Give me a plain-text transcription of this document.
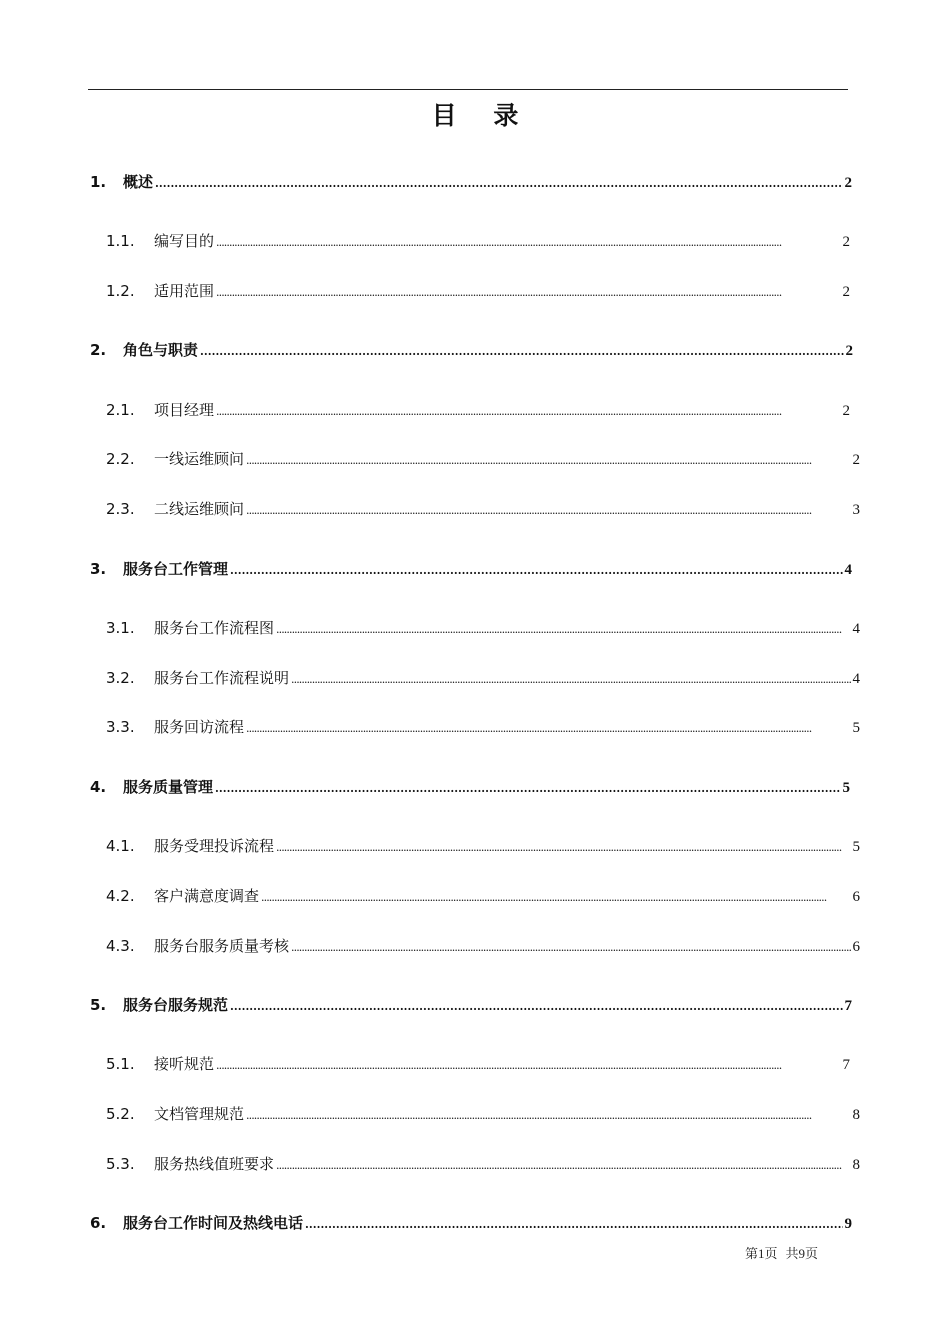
目 录
1.	概述 . . .	2
1.1.	编写目的 . . .	2
1.2.	适用范围 . . .	2
2.	角色与职责 . . .	2
2.1.	项目经理 . . .	2
2.2.	一线运维顾问 . . .	2
2.3.	二线运维顾问 . . .	3
3.	服务台工作管理 . . .	4
3.1.	服务台工作流程图 . . .	4
3.2.	服务台工作流程说明 . . .	4
3.3.	服务回访流程 . . .	5
4.	服务质量管理 . . .	5
4.1.	服务受理投诉流程 . . .	5
4.2.	客户满意度调查 . . .	6
4.3.	服务台服务质量考核 . . .	6
5.	服务台服务规范 . . .	7
5.1.	接听规范 . . .	7
5.2.	文档管理规范 . . .	8
5.3.	服务热线值班要求 . . .	8
6.	服务台工作时间及热线电话 . . .	9
第1页 共9页
